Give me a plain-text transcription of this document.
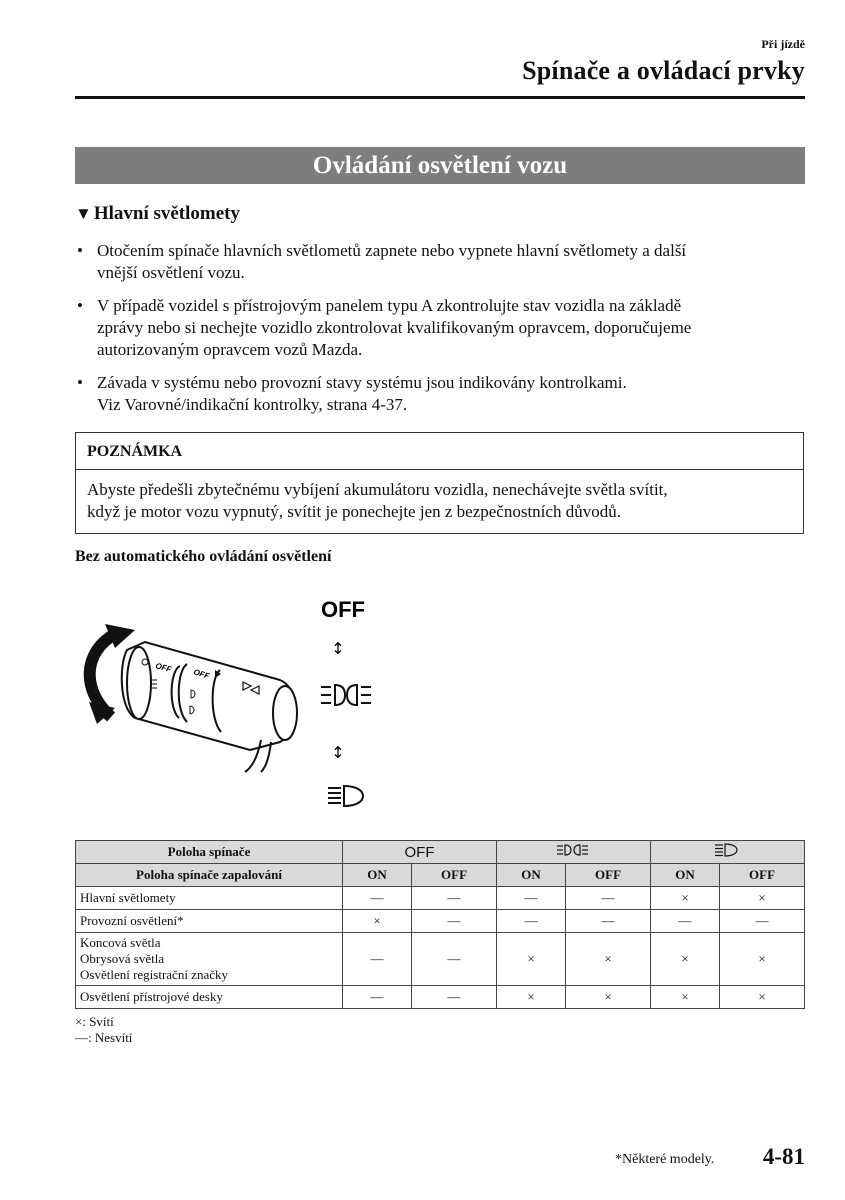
Při jízdě
Spínače a ovládací prvky
Ovládání osvětlení vozu
▼ Hlavní světlomety
• Otočením spínače hlavních světlometů zapnete nebo vypnete hlavní světlomety a další
vnější osvětlení vozu.
• V případě vozidel s přístrojovým panelem typu A zkontrolujte stav vozidla na základě
zprávy nebo si nechejte vozidlo zkontrolovat kvalifikovaným opravcem, doporučujeme
autorizovaným opravcem vozů Mazda.
• Závada v systému nebo provozní stavy systému jsou indikovány kontrolkami.
Viz Varovné/indikační kontrolky, strana 4-37.
POZNÁMKA
Abyste předešli zbytečnému vybíjení akumulátoru vozidla, nenechávejte světla svítit,
když je motor vozu vypnutý, svítit je ponechejte jen z bezpečnostních důvodů.
Bez automatického ovládání osvětlení
OFF	OFF
OFF
↕
↕
Poloha spínače	OFF		
Poloha spínače zapalování	ON	OFF	ON	OFF	ON	OFF
Hlavní světlomety	—	—	—	—	×	×
Provozní osvětlení*	×	—	—	—	—	—
Koncová světla
Obrysová světla
Osvětlení registrační značky	—	—	×	×	×	×
Osvětlení přístrojové desky	—	—	×	×	×	×
×: Svítí
—: Nesvítí
*Některé modely. 4-81
